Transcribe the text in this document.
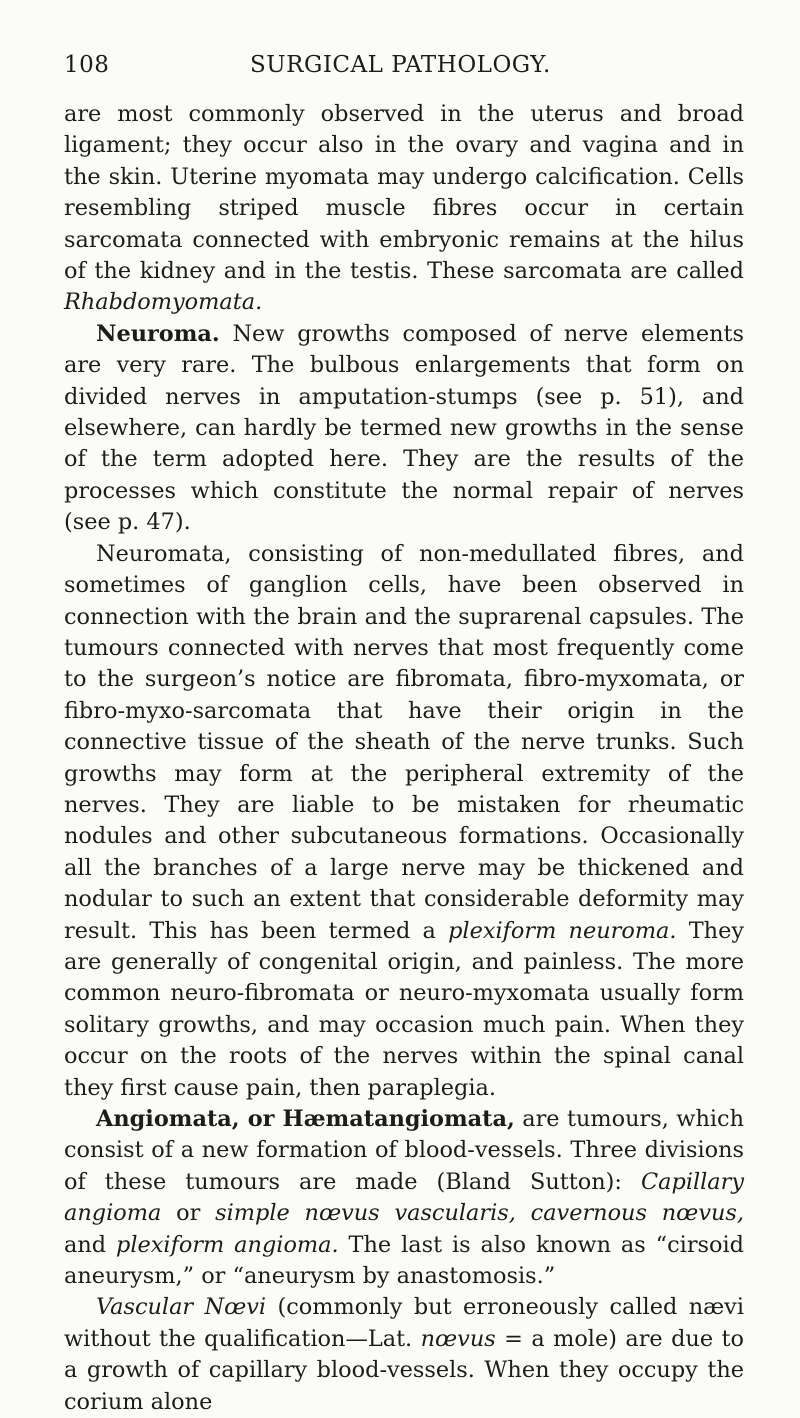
108	SURGICAL PATHOLOGY.

are most commonly observed in the uterus and broad ligament; they occur also in the ovary and vagina and in the skin. Uterine myomata may undergo calcification. Cells resembling striped muscle fibres occur in certain sarcomata connected with embryonic remains at the hilus of the kidney and in the testis. These sarcomata are called Rhabdomyomata.

Neuroma. New growths composed of nerve elements are very rare. The bulbous enlargements that form on divided nerves in amputation-stumps (see p. 51), and elsewhere, can hardly be termed new growths in the sense of the term adopted here. They are the results of the processes which constitute the normal repair of nerves (see p. 47).

Neuromata, consisting of non-medullated fibres, and sometimes of ganglion cells, have been observed in connection with the brain and the suprarenal capsules. The tumours connected with nerves that most frequently come to the surgeon’s notice are fibromata, fibro-myxomata, or fibro-myxo-sarcomata that have their origin in the connective tissue of the sheath of the nerve trunks. Such growths may form at the peripheral extremity of the nerves. They are liable to be mistaken for rheumatic nodules and other subcutaneous formations. Occasionally all the branches of a large nerve may be thickened and nodular to such an extent that considerable deformity may result. This has been termed a plexiform neuroma. They are generally of congenital origin, and painless. The more common neuro-fibromata or neuro-myxomata usually form solitary growths, and may occasion much pain. When they occur on the roots of the nerves within the spinal canal they first cause pain, then paraplegia.

Angiomata, or Hæmatangiomata, are tumours, which consist of a new formation of blood-vessels. Three divisions of these tumours are made (Bland Sutton): Capillary angioma or simple nœvus vascularis, cavernous nœvus, and plexiform angioma. The last is also known as “cirsoid aneurysm,” or “aneurysm by anastomosis.”

Vascular Nœvi (commonly but erroneously called nævi without the qualification—Lat. nœvus = a mole) are due to a growth of capillary blood-vessels. When they occupy the corium alone
